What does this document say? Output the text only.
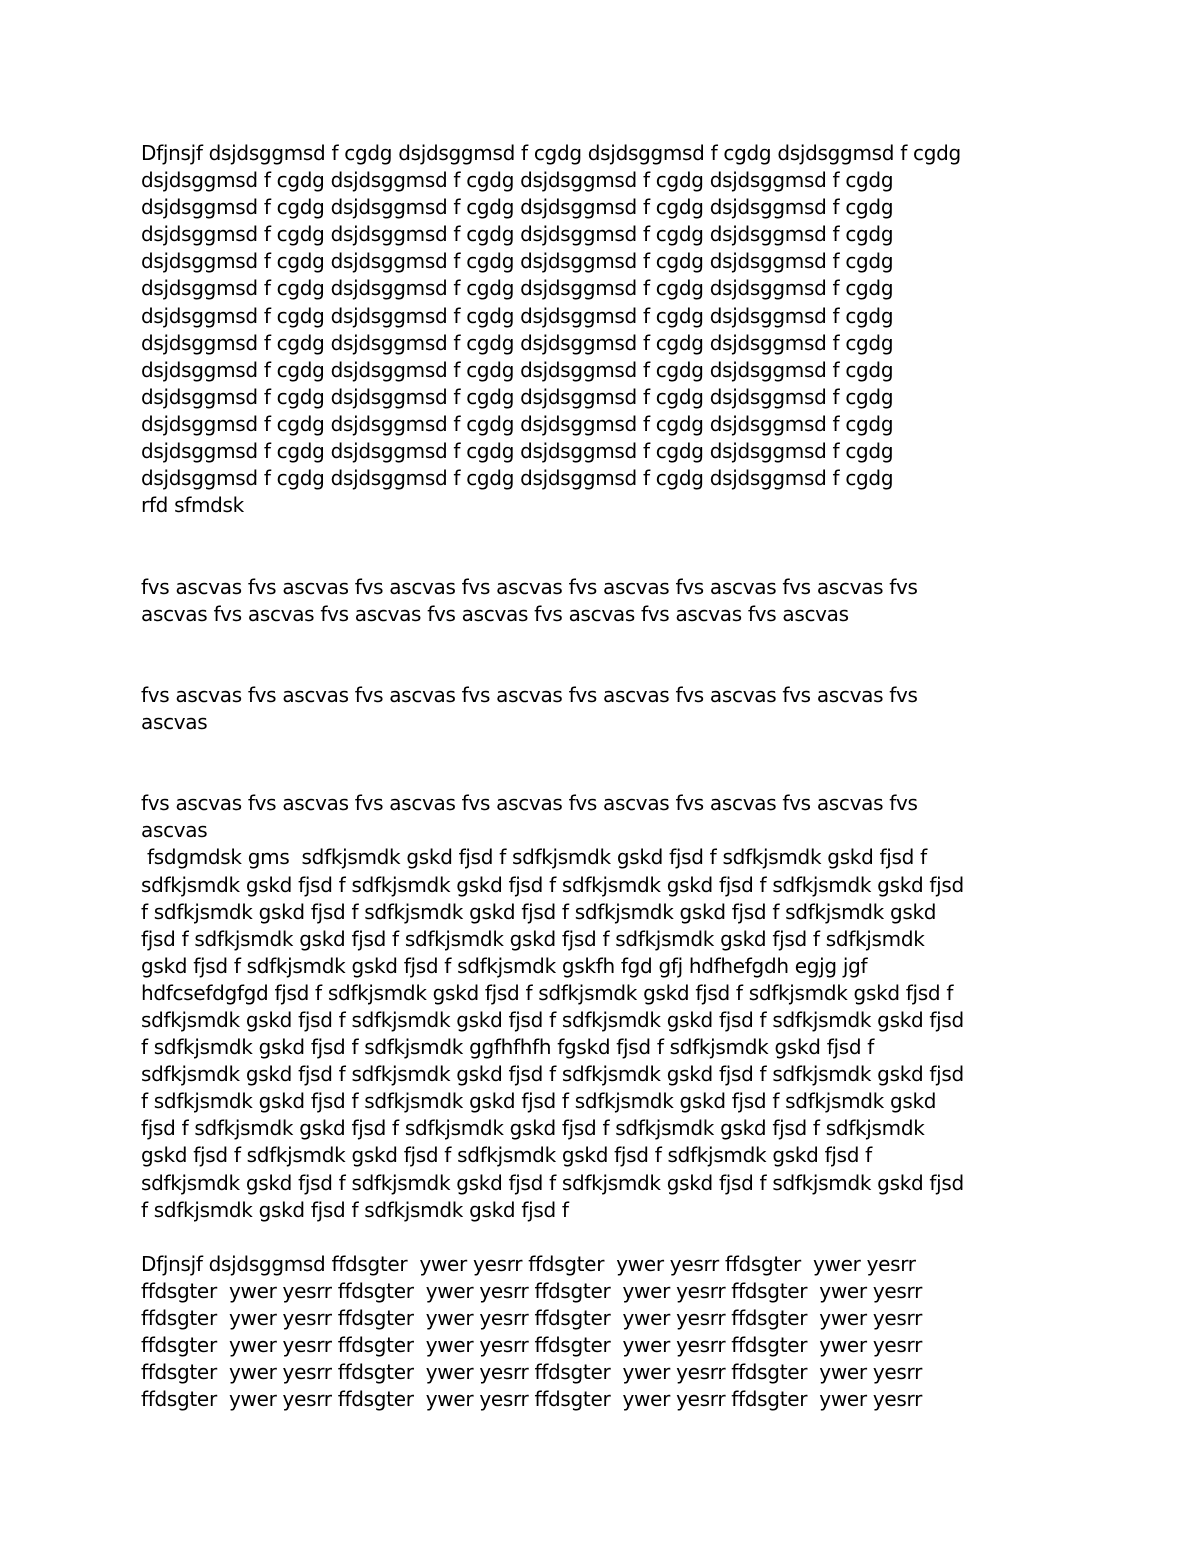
Dfjnsjf dsjdsggmsd f cgdg dsjdsggmsd f cgdg dsjdsggmsd f cgdg dsjdsggmsd f cgdg
dsjdsggmsd f cgdg dsjdsggmsd f cgdg dsjdsggmsd f cgdg dsjdsggmsd f cgdg
dsjdsggmsd f cgdg dsjdsggmsd f cgdg dsjdsggmsd f cgdg dsjdsggmsd f cgdg
dsjdsggmsd f cgdg dsjdsggmsd f cgdg dsjdsggmsd f cgdg dsjdsggmsd f cgdg
dsjdsggmsd f cgdg dsjdsggmsd f cgdg dsjdsggmsd f cgdg dsjdsggmsd f cgdg
dsjdsggmsd f cgdg dsjdsggmsd f cgdg dsjdsggmsd f cgdg dsjdsggmsd f cgdg
dsjdsggmsd f cgdg dsjdsggmsd f cgdg dsjdsggmsd f cgdg dsjdsggmsd f cgdg
dsjdsggmsd f cgdg dsjdsggmsd f cgdg dsjdsggmsd f cgdg dsjdsggmsd f cgdg
dsjdsggmsd f cgdg dsjdsggmsd f cgdg dsjdsggmsd f cgdg dsjdsggmsd f cgdg
dsjdsggmsd f cgdg dsjdsggmsd f cgdg dsjdsggmsd f cgdg dsjdsggmsd f cgdg
dsjdsggmsd f cgdg dsjdsggmsd f cgdg dsjdsggmsd f cgdg dsjdsggmsd f cgdg
dsjdsggmsd f cgdg dsjdsggmsd f cgdg dsjdsggmsd f cgdg dsjdsggmsd f cgdg
dsjdsggmsd f cgdg dsjdsggmsd f cgdg dsjdsggmsd f cgdg dsjdsggmsd f cgdg
rfd sfmdsk
fvs ascvas fvs ascvas fvs ascvas fvs ascvas fvs ascvas fvs ascvas fvs ascvas fvs
ascvas fvs ascvas fvs ascvas fvs ascvas fvs ascvas fvs ascvas fvs ascvas
fvs ascvas fvs ascvas fvs ascvas fvs ascvas fvs ascvas fvs ascvas fvs ascvas fvs
ascvas
fvs ascvas fvs ascvas fvs ascvas fvs ascvas fvs ascvas fvs ascvas fvs ascvas fvs
ascvas
fsdgmdsk gms  sdfkjsmdk gskd fjsd f sdfkjsmdk gskd fjsd f sdfkjsmdk gskd fjsd f
sdfkjsmdk gskd fjsd f sdfkjsmdk gskd fjsd f sdfkjsmdk gskd fjsd f sdfkjsmdk gskd fjsd
f sdfkjsmdk gskd fjsd f sdfkjsmdk gskd fjsd f sdfkjsmdk gskd fjsd f sdfkjsmdk gskd
fjsd f sdfkjsmdk gskd fjsd f sdfkjsmdk gskd fjsd f sdfkjsmdk gskd fjsd f sdfkjsmdk
gskd fjsd f sdfkjsmdk gskd fjsd f sdfkjsmdk gskfh fgd gfj hdfhefgdh egjg jgf
hdfcsefdgfgd fjsd f sdfkjsmdk gskd fjsd f sdfkjsmdk gskd fjsd f sdfkjsmdk gskd fjsd f
sdfkjsmdk gskd fjsd f sdfkjsmdk gskd fjsd f sdfkjsmdk gskd fjsd f sdfkjsmdk gskd fjsd
f sdfkjsmdk gskd fjsd f sdfkjsmdk ggfhfhfh fgskd fjsd f sdfkjsmdk gskd fjsd f
sdfkjsmdk gskd fjsd f sdfkjsmdk gskd fjsd f sdfkjsmdk gskd fjsd f sdfkjsmdk gskd fjsd
f sdfkjsmdk gskd fjsd f sdfkjsmdk gskd fjsd f sdfkjsmdk gskd fjsd f sdfkjsmdk gskd
fjsd f sdfkjsmdk gskd fjsd f sdfkjsmdk gskd fjsd f sdfkjsmdk gskd fjsd f sdfkjsmdk
gskd fjsd f sdfkjsmdk gskd fjsd f sdfkjsmdk gskd fjsd f sdfkjsmdk gskd fjsd f
sdfkjsmdk gskd fjsd f sdfkjsmdk gskd fjsd f sdfkjsmdk gskd fjsd f sdfkjsmdk gskd fjsd
f sdfkjsmdk gskd fjsd f sdfkjsmdk gskd fjsd f
Dfjnsjf dsjdsggmsd ffdsgter  ywer yesrr ffdsgter  ywer yesrr ffdsgter  ywer yesrr
ffdsgter  ywer yesrr ffdsgter  ywer yesrr ffdsgter  ywer yesrr ffdsgter  ywer yesrr
ffdsgter  ywer yesrr ffdsgter  ywer yesrr ffdsgter  ywer yesrr ffdsgter  ywer yesrr
ffdsgter  ywer yesrr ffdsgter  ywer yesrr ffdsgter  ywer yesrr ffdsgter  ywer yesrr
ffdsgter  ywer yesrr ffdsgter  ywer yesrr ffdsgter  ywer yesrr ffdsgter  ywer yesrr
ffdsgter  ywer yesrr ffdsgter  ywer yesrr ffdsgter  ywer yesrr ffdsgter  ywer yesrr
